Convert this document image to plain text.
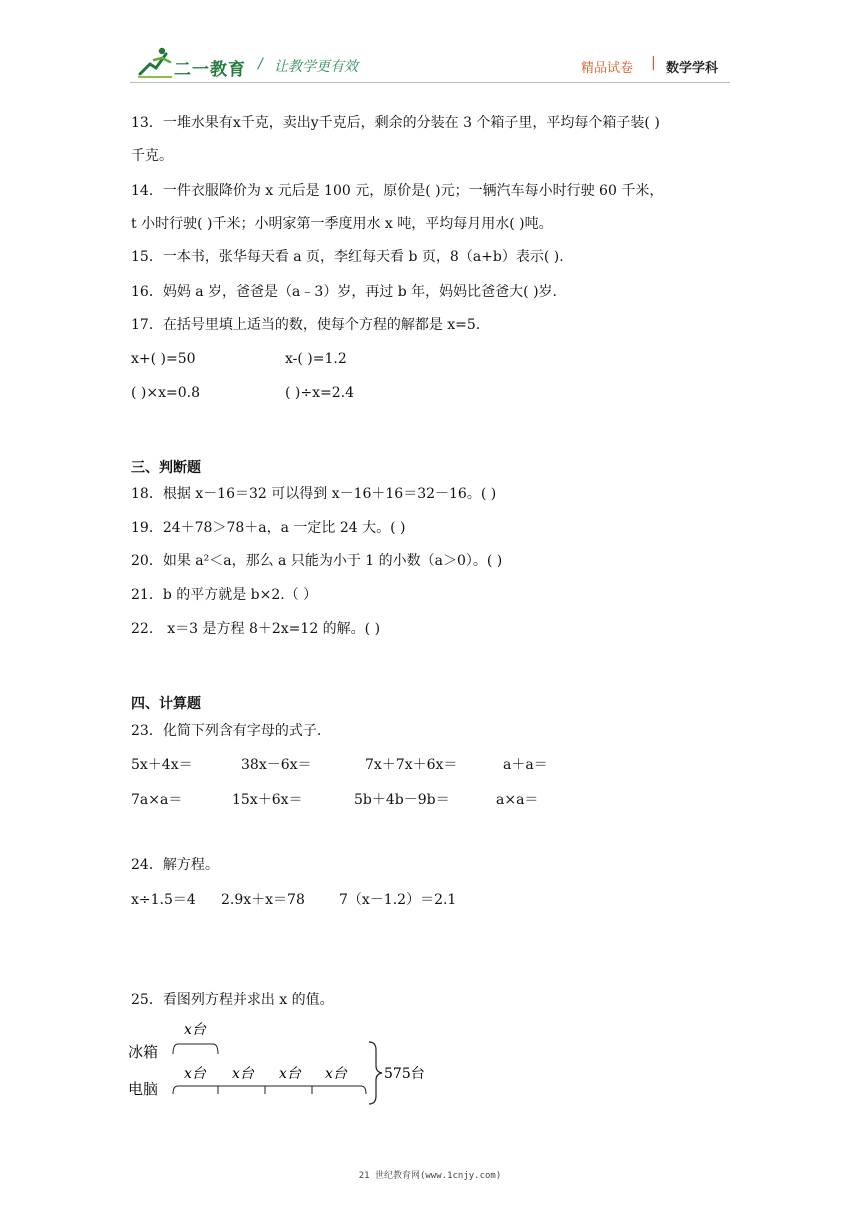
二一教育 / 让教学更有效	精品试卷 | 数学学科
13．一堆水果有x千克，卖出y千克后，剩余的分装在 3 个箱子里，平均每个箱子装( )
千克。
14．一件衣服降价为 x 元后是 100 元，原价是( )元；一辆汽车每小时行驶 60 千米，
t 小时行驶( )千米；小明家第一季度用水 x 吨，平均每月用水( )吨。
15．一本书，张华每天看 a 页，李红每天看 b 页，8（a+b）表示( ).
16．妈妈 a 岁，爸爸是（a﹣3）岁，再过 b 年，妈妈比爸爸大( )岁.
17．在括号里填上适当的数，使每个方程的解都是 x=5.
x+( )=50	x-( )=1.2
( )×x=0.8	( )÷x=2.4
三、判断题
18．根据 x－16＝32 可以得到 x－16＋16＝32－16。( )
19．24＋78＞78＋a，a 一定比 24 大。( )
20．如果 a²＜a，那么 a 只能为小于 1 的小数（a＞0）。( )
21．b 的平方就是 b×2.（ ）
22． x＝3 是方程 8＋2x=12 的解。( )
四、计算题
23．化简下列含有字母的式子.
5x＋4x＝	38x－6x＝	7x＋7x＋6x＝	a＋a＝
7a×a＝	15x＋6x＝	5b＋4b－9b＝	a×a＝
24．解方程。
x÷1.5＝4 2.9x＋x＝78 7（x－1.2）＝2.1
25．看图列方程并求出 x 的值。
冰箱
x台
电脑
x台 x台 x台 x台	575台
21 世纪教育网(www.1cnjy.com)
